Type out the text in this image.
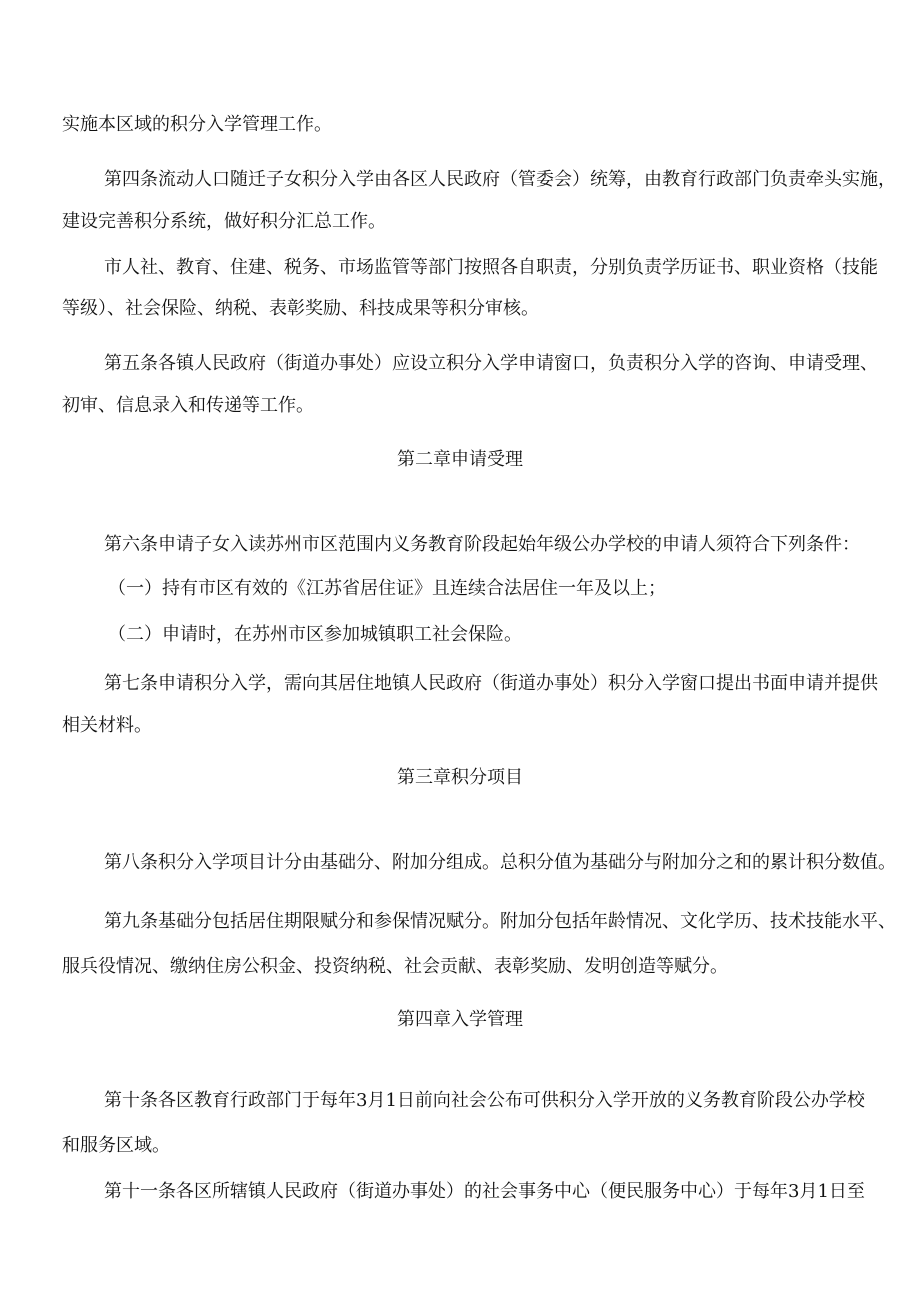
实施本区域的积分入学管理工作。
第四条流动人口随迁子女积分入学由各区人民政府（管委会）统筹，由教育行政部门负责牵头实施，
建设完善积分系统，做好积分汇总工作。
市人社、教育、住建、税务、市场监管等部门按照各自职责，分别负责学历证书、职业资格（技能
等级）、社会保险、纳税、表彰奖励、科技成果等积分审核。
第五条各镇人民政府（街道办事处）应设立积分入学申请窗口，负责积分入学的咨询、申请受理、
初审、信息录入和传递等工作。
第二章申请受理
第六条申请子女入读苏州市区范围内义务教育阶段起始年级公办学校的申请人须符合下列条件：
（一）持有市区有效的《江苏省居住证》且连续合法居住一年及以上；
（二）申请时，在苏州市区参加城镇职工社会保险。
第七条申请积分入学，需向其居住地镇人民政府（街道办事处）积分入学窗口提出书面申请并提供
相关材料。
第三章积分项目
第八条积分入学项目计分由基础分、附加分组成。总积分值为基础分与附加分之和的累计积分数值。
第九条基础分包括居住期限赋分和参保情况赋分。附加分包括年龄情况、文化学历、技术技能水平、
服兵役情况、缴纳住房公积金、投资纳税、社会贡献、表彰奖励、发明创造等赋分。
第四章入学管理
第十条各区教育行政部门于每年3月1日前向社会公布可供积分入学开放的义务教育阶段公办学校
和服务区域。
第十一条各区所辖镇人民政府（街道办事处）的社会事务中心（便民服务中心）于每年3月1日至
